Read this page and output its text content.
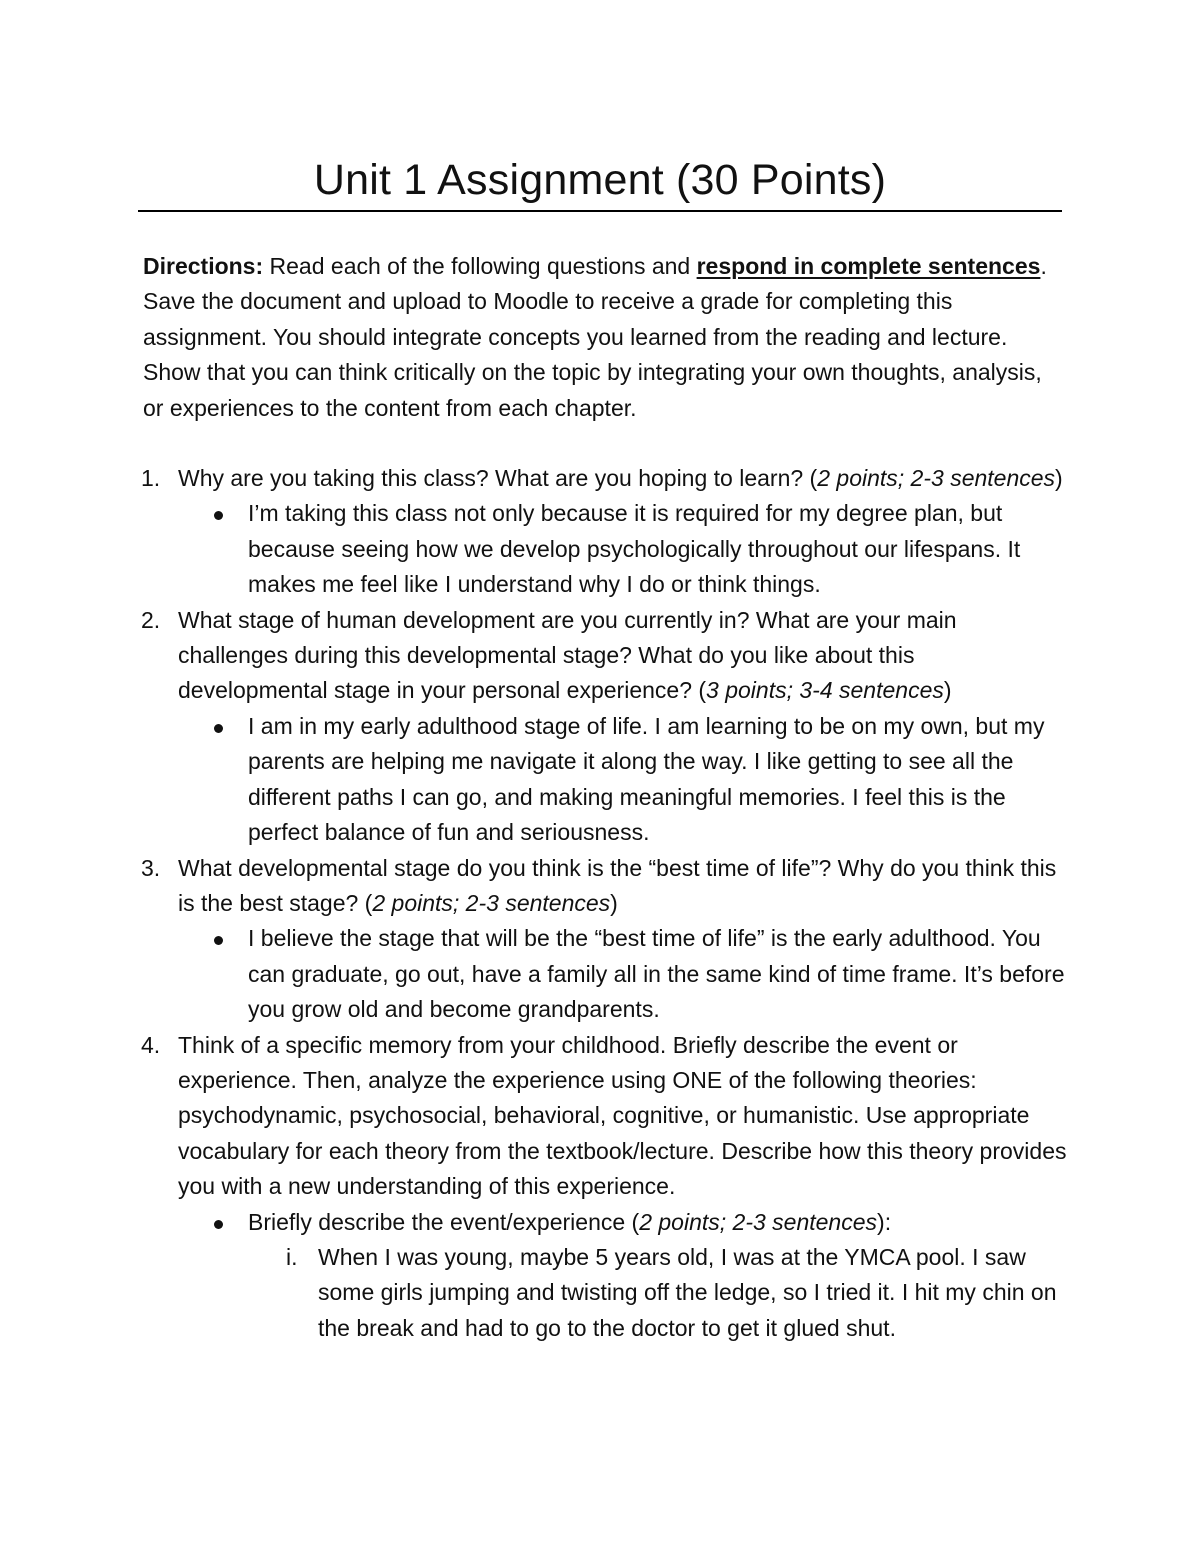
Unit 1 Assignment (30 Points)

Directions: Read each of the following questions and respond in complete sentences. Save the document and upload to Moodle to receive a grade for completing this assignment. You should integrate concepts you learned from the reading and lecture. Show that you can think critically on the topic by integrating your own thoughts, analysis, or experiences to the content from each chapter.

1. Why are you taking this class? What are you hoping to learn? (2 points; 2-3 sentences)
I’m taking this class not only because it is required for my degree plan, but because seeing how we develop psychologically throughout our lifespans. It makes me feel like I understand why I do or think things.
2. What stage of human development are you currently in? What are your main challenges during this developmental stage? What do you like about this developmental stage in your personal experience? (3 points; 3-4 sentences)
I am in my early adulthood stage of life. I am learning to be on my own, but my parents are helping me navigate it along the way. I like getting to see all the different paths I can go, and making meaningful memories. I feel this is the perfect balance of fun and seriousness.
3. What developmental stage do you think is the “best time of life”? Why do you think this is the best stage? (2 points; 2-3 sentences)
I believe the stage that will be the “best time of life” is the early adulthood. You can graduate, go out, have a family all in the same kind of time frame. It’s before you grow old and become grandparents.
4. Think of a specific memory from your childhood. Briefly describe the event or experience. Then, analyze the experience using ONE of the following theories: psychodynamic, psychosocial, behavioral, cognitive, or humanistic. Use appropriate vocabulary for each theory from the textbook/lecture. Describe how this theory provides you with a new understanding of this experience.
Briefly describe the event/experience (2 points; 2-3 sentences):
i. When I was young, maybe 5 years old, I was at the YMCA pool. I saw some girls jumping and twisting off the ledge, so I tried it. I hit my chin on the break and had to go to the doctor to get it glued shut.
